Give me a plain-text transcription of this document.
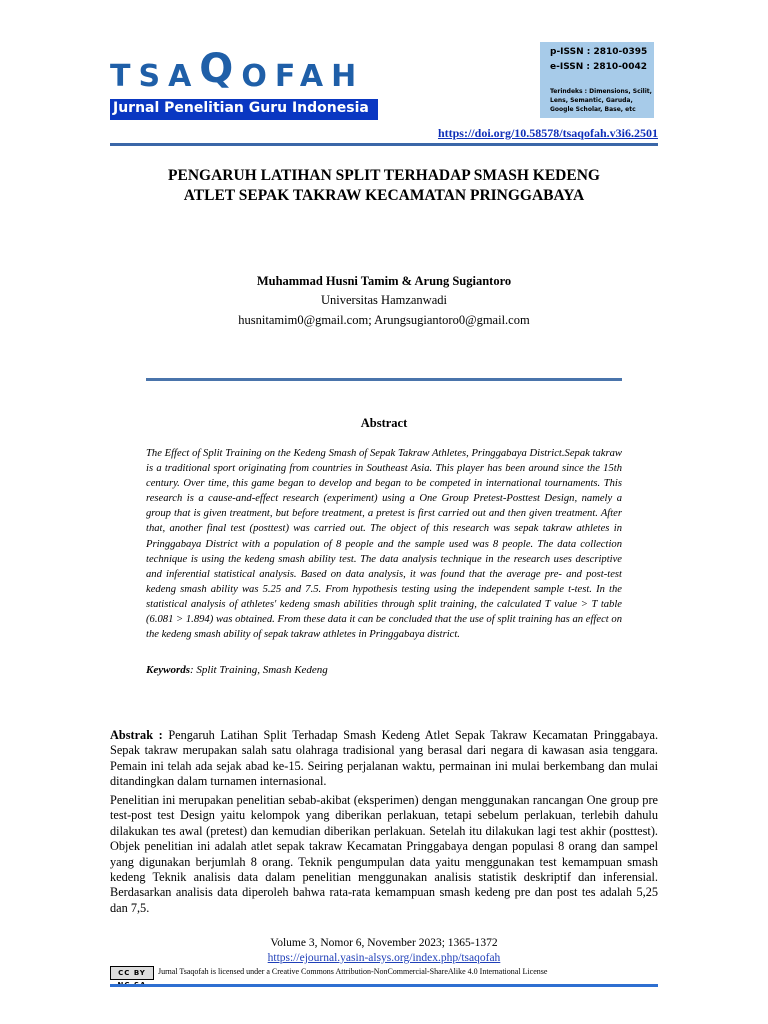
TSAQOFAH
Jurnal Penelitian Guru Indonesia
p-ISSN : 2810-0395
e-ISSN : 2810-0042
Terindeks : Dimensions, Scilit,
Lens, Semantic, Garuda,
Google Scholar, Base, etc
https://doi.org/10.58578/tsaqofah.v3i6.2501
PENGARUH LATIHAN SPLIT TERHADAP SMASH KEDENG
ATLET SEPAK TAKRAW KECAMATAN PRINGGABAYA
Muhammad Husni Tamim & Arung Sugiantoro
Universitas Hamzanwadi
husnitamim0@gmail.com; Arungsugiantoro0@gmail.com
Abstract
The Effect of Split Training on the Kedeng Smash of Sepak Takraw Athletes, Pringgabaya District.Sepak takraw is a traditional sport originating from countries in Southeast Asia. This player has been around since the 15th century. Over time, this game began to develop and began to be competed in international tournaments. This research is a cause-and-effect research (experiment) using a One Group Pretest-Posttest Design, namely a group that is given treatment, but before treatment, a pretest is first carried out and then given treatment. After that, another final test (posttest) was carried out. The object of this research was sepak takraw athletes in Pringgabaya District with a population of 8 people and the sample used was 8 people. The data collection technique is using the kedeng smash ability test. The data analysis technique in the research uses descriptive and inferential statistical analysis. Based on data analysis, it was found that the average pre- and post-test kedeng smash ability was 5.25 and 7.5. From hypothesis testing using the independent sample t-test. In the statistical analysis of athletes' kedeng smash abilities through split training, the calculated T value > T table (6.081 > 1.894) was obtained. From these data it can be concluded that the use of split training has an effect on the kedeng smash ability of sepak takraw athletes in Pringgabaya district.
Keywords: Split Training, Smash Kedeng
Abstrak : Pengaruh Latihan Split Terhadap Smash Kedeng Atlet Sepak Takraw Kecamatan Pringgabaya. Sepak takraw merupakan salah satu olahraga tradisional yang berasal dari negara di kawasan asia tenggara. Pemain ini telah ada sejak abad ke-15. Seiring perjalanan waktu, permainan ini mulai berkembang dan mulai ditandingkan dalam turnamen internasional.
Penelitian ini merupakan penelitian sebab-akibat (eksperimen) dengan menggunakan rancangan One group pre test-post test Design yaitu kelompok yang diberikan perlakuan, tetapi sebelum perlakuan, terlebih dahulu dilakukan tes awal (pretest) dan kemudian diberikan perlakuan. Setelah itu dilakukan lagi test akhir (posttest). Objek penelitian ini adalah atlet sepak takraw Kecamatan Pringgabaya dengan populasi 8 orang dan sampel yang digunakan berjumlah 8 orang. Teknik pengumpulan data yaitu menggunakan test kemampuan smash kedeng Teknik analisis data dalam penelitian menggunakan analisis statistik deskriptif dan inferensial. Berdasarkan analisis data diperoleh bahwa rata-rata kemampuan smash kedeng pre dan post tes adalah 5,25 dan 7,5.
Volume 3, Nomor 6, November 2023; 1365-1372
https://ejournal.yasin-alsys.org/index.php/tsaqofah
CC BY	Jurnal Tsaqofah is licensed under a Creative Commons Attribution-NonCommercial-ShareAlike 4.0 International License
